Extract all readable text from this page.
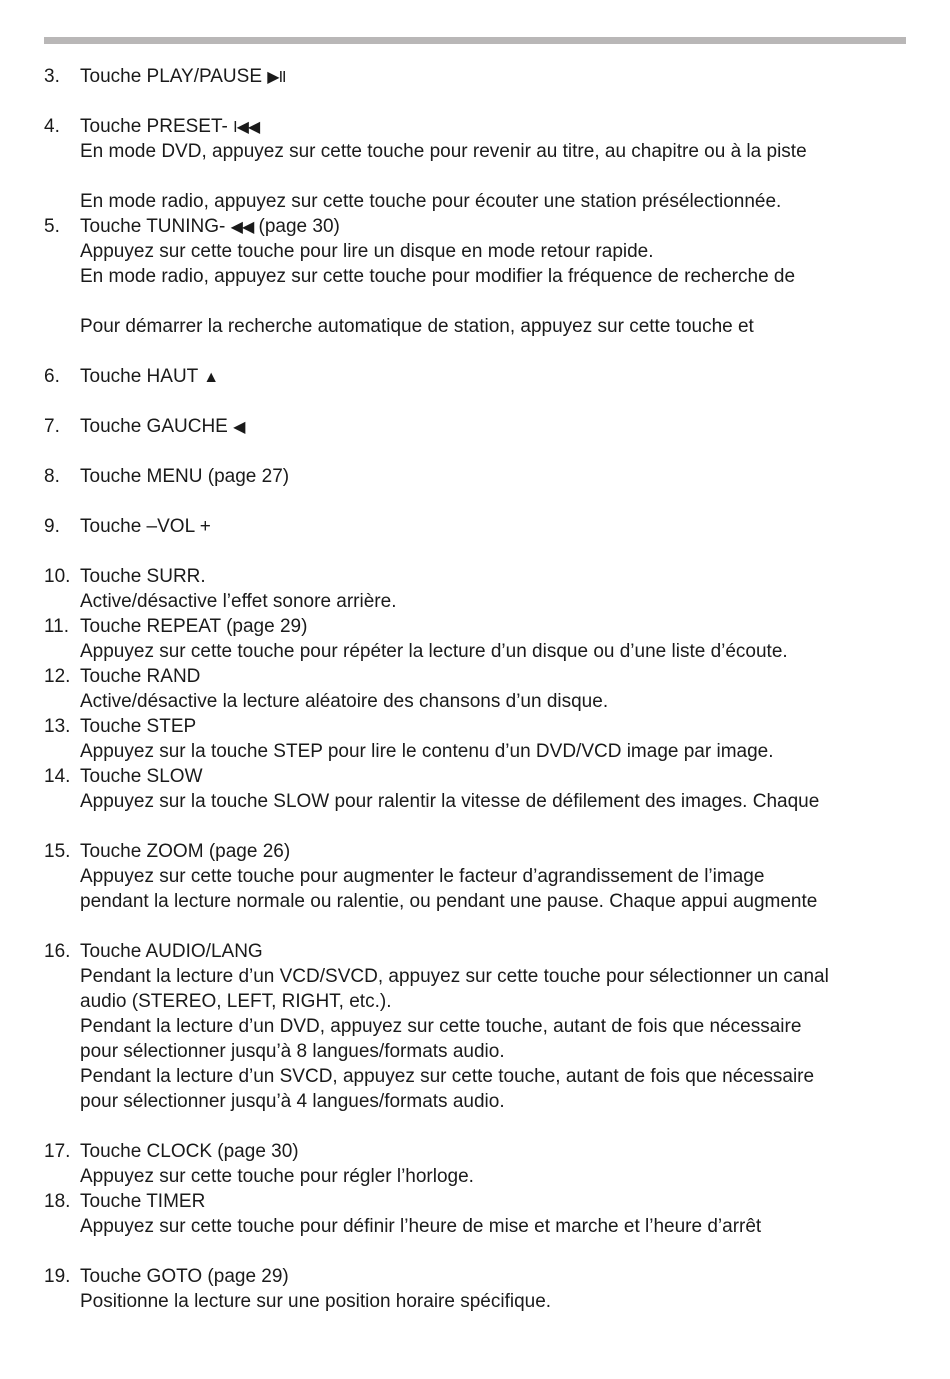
3. Touche PLAY/PAUSE ▶II
4. Touche PRESET- I◀◀
En mode DVD, appuyez sur cette touche pour revenir au titre, au chapitre ou à la piste
En mode radio, appuyez sur cette touche pour écouter une station présélectionnée.
5. Touche TUNING- ◀◀ (page 30)
Appuyez sur cette touche pour lire un disque en mode retour rapide.
En mode radio, appuyez sur cette touche pour modifier la fréquence de recherche de
Pour démarrer la recherche automatique de station, appuyez sur cette touche et
6. Touche HAUT ▲
7. Touche GAUCHE ◀
8. Touche MENU (page 27)
9. Touche –VOL +
10. Touche SURR.
Active/désactive l’effet sonore arrière.
11. Touche REPEAT (page 29)
Appuyez sur cette touche pour répéter la lecture d’un disque ou d’une liste d’écoute.
12. Touche RAND
Active/désactive la lecture aléatoire des chansons d’un disque.
13. Touche STEP
Appuyez sur la touche STEP pour lire le contenu d’un DVD/VCD image par image.
14. Touche SLOW
Appuyez sur la touche SLOW pour ralentir la vitesse de défilement des images. Chaque
15. Touche ZOOM (page 26)
Appuyez sur cette touche pour augmenter le facteur d’agrandissement de l’image
pendant la lecture normale ou ralentie, ou pendant une pause. Chaque appui augmente
16. Touche AUDIO/LANG
Pendant la lecture d’un VCD/SVCD, appuyez sur cette touche pour sélectionner un canal
audio (STEREO, LEFT, RIGHT, etc.).
Pendant la lecture d’un DVD, appuyez sur cette touche, autant de fois que nécessaire
pour sélectionner jusqu’à 8 langues/formats audio.
Pendant la lecture d’un SVCD, appuyez sur cette touche, autant de fois que nécessaire
pour sélectionner jusqu’à 4 langues/formats audio.
17. Touche CLOCK (page 30)
Appuyez sur cette touche pour régler l’horloge.
18. Touche TIMER
Appuyez sur cette touche pour définir l’heure de mise et marche et l’heure d’arrêt
19. Touche GOTO (page 29)
Positionne la lecture sur une position horaire spécifique.
